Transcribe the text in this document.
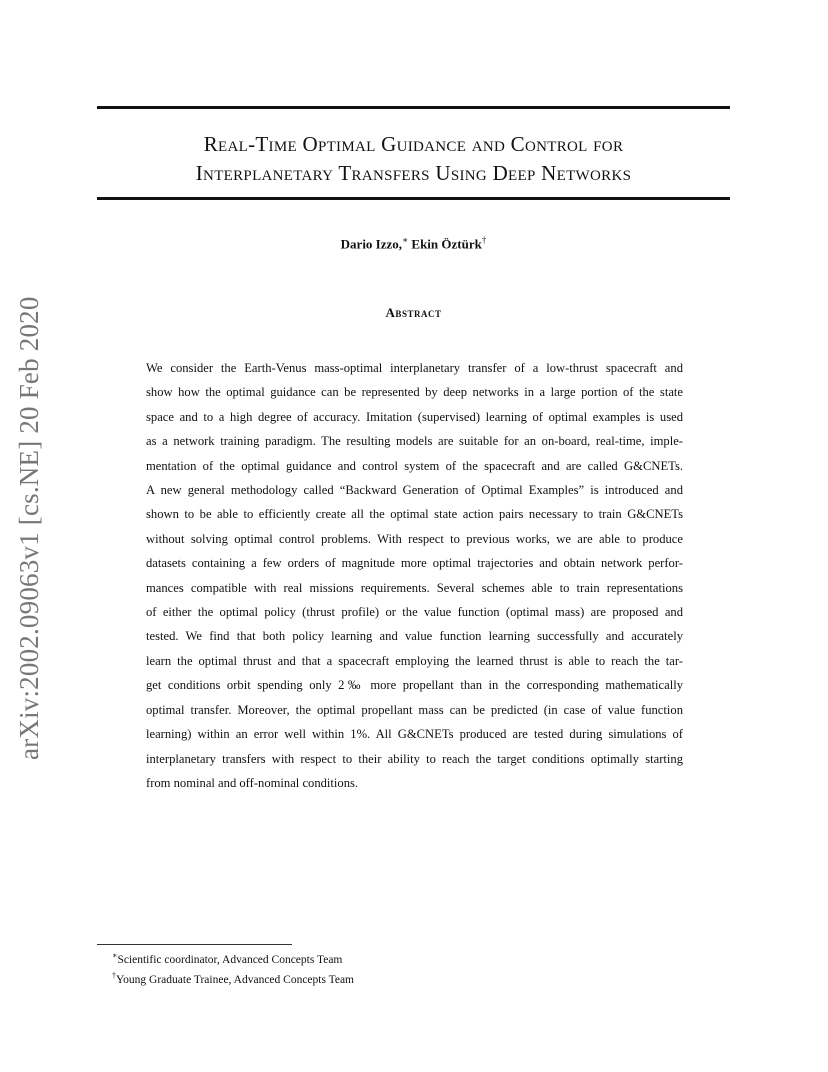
arXiv:2002.09063v1 [cs.NE] 20 Feb 2020
Real-Time Optimal Guidance and Control for
Interplanetary Transfers Using Deep Networks
Dario Izzo,∗ Ekin Öztürk†
Abstract
We consider the Earth-Venus mass-optimal interplanetary transfer of a low-thrust spacecraft and
show how the optimal guidance can be represented by deep networks in a large portion of the state
space and to a high degree of accuracy. Imitation (supervised) learning of optimal examples is used
as a network training paradigm. The resulting models are suitable for an on-board, real-time, imple-
mentation of the optimal guidance and control system of the spacecraft and are called G&CNETs.
A new general methodology called “Backward Generation of Optimal Examples” is introduced and
shown to be able to efficiently create all the optimal state action pairs necessary to train G&CNETs
without solving optimal control problems. With respect to previous works, we are able to produce
datasets containing a few orders of magnitude more optimal trajectories and obtain network perfor-
mances compatible with real missions requirements. Several schemes able to train representations
of either the optimal policy (thrust profile) or the value function (optimal mass) are proposed and
tested. We find that both policy learning and value function learning successfully and accurately
learn the optimal thrust and that a spacecraft employing the learned thrust is able to reach the tar-
get conditions orbit spending only 2‰ more propellant than in the corresponding mathematically
optimal transfer. Moreover, the optimal propellant mass can be predicted (in case of value function
learning) within an error well within 1%. All G&CNETs produced are tested during simulations of
interplanetary transfers with respect to their ability to reach the target conditions optimally starting
from nominal and off-nominal conditions.
∗Scientific coordinator, Advanced Concepts Team
†Young Graduate Trainee, Advanced Concepts Team
